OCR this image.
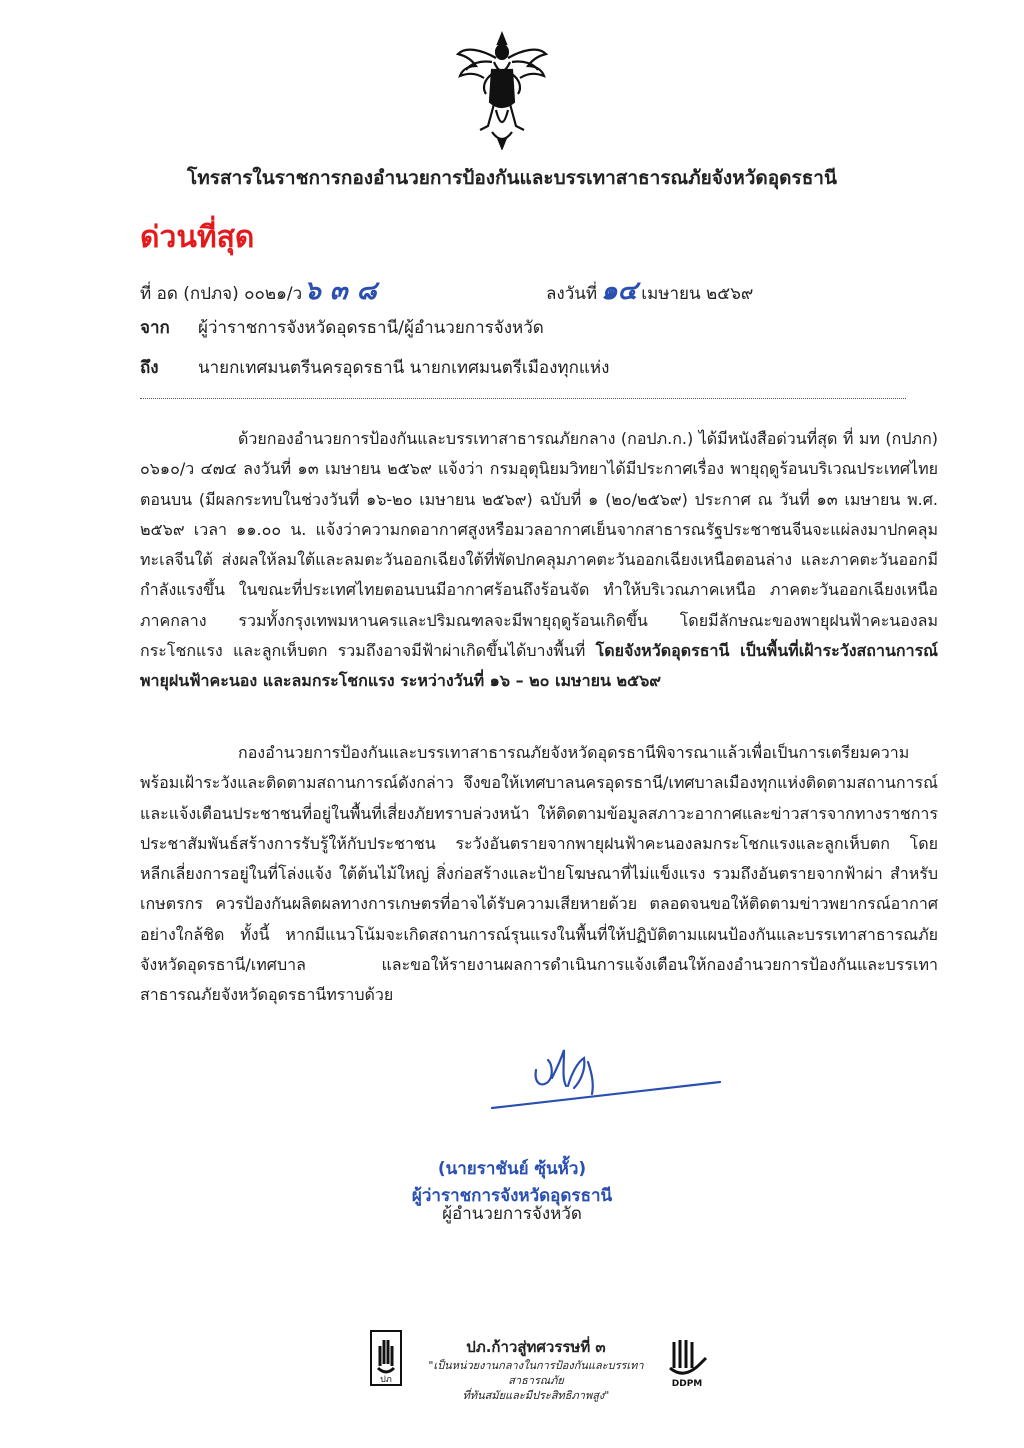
โทรสารในราชการกองอำนวยการป้องกันและบรรเทาสาธารณภัยจังหวัดอุดรธานี
ด่วนที่สุด
ที่ อด (กปภจ) ๐๐๒๑/ว๖ ๓ ๘	ลงวันที่ ๑๔ เมษายน ๒๕๖๙
จาก ผู้ว่าราชการจังหวัดอุดรธานี/ผู้อำนวยการจังหวัด
ถึง นายกเทศมนตรีนครอุดรธานี นายกเทศมนตรีเมืองทุกแห่ง
ด้วยกองอำนวยการป้องกันและบรรเทาสาธารณภัยกลาง (กอปภ.ก.) ได้มีหนังสือด่วนที่สุด ที่ มท (กปภก) ๐๖๑๐/ว ๔๗๔ ลงวันที่ ๑๓ เมษายน ๒๕๖๙ แจ้งว่า กรมอุตุนิยมวิทยาได้มีประกาศเรื่อง พายุฤดูร้อนบริเวณประเทศไทยตอนบน (มีผลกระทบในช่วงวันที่ ๑๖-๒๐ เมษายน ๒๕๖๙) ฉบับที่ ๑ (๒๐/๒๕๖๙) ประกาศ ณ วันที่ ๑๓ เมษายน พ.ศ. ๒๕๖๙ เวลา ๑๑.๐๐ น. แจ้งว่าความกดอากาศสูงหรือมวลอากาศเย็นจากสาธารณรัฐประชาชนจีนจะแผ่ลงมาปกคลุมทะเลจีนใต้ ส่งผลให้ลมใต้และลมตะวันออกเฉียงใต้ที่พัดปกคลุมภาคตะวันออกเฉียงเหนือตอนล่าง และภาคตะวันออกมีกำลังแรงขึ้น ในขณะที่ประเทศไทยตอนบนมีอากาศร้อนถึงร้อนจัด ทำให้บริเวณภาคเหนือ ภาคตะวันออกเฉียงเหนือ ภาคกลาง รวมทั้งกรุงเทพมหานครและปริมณฑลจะมีพายุฤดูร้อนเกิดขึ้น โดยมีลักษณะของพายุฝนฟ้าคะนองลมกระโชกแรง และลูกเห็บตก รวมถึงอาจมีฟ้าผ่าเกิดขึ้นได้บางพื้นที่ โดยจังหวัดอุดรธานี เป็นพื้นที่เฝ้าระวังสถานการณ์พายุฝนฟ้าคะนอง และลมกระโชกแรง ระหว่างวันที่ ๑๖ – ๒๐ เมษายน ๒๕๖๙
กองอำนวยการป้องกันและบรรเทาสาธารณภัยจังหวัดอุดรธานีพิจารณาแล้วเพื่อเป็นการเตรียมความพร้อมเฝ้าระวังและติดตามสถานการณ์ดังกล่าว จึงขอให้เทศบาลนครอุดรธานี/เทศบาลเมืองทุกแห่งติดตามสถานการณ์และแจ้งเตือนประชาชนที่อยู่ในพื้นที่เสี่ยงภัยทราบล่วงหน้า ให้ติดตามข้อมูลสภาวะอากาศและข่าวสารจากทางราชการ ประชาสัมพันธ์สร้างการรับรู้ให้กับประชาชน ระวังอันตรายจากพายุฝนฟ้าคะนองลมกระโชกแรงและลูกเห็บตก โดยหลีกเลี่ยงการอยู่ในที่โล่งแจ้ง ใต้ต้นไม้ใหญ่ สิ่งก่อสร้างและป้ายโฆษณาที่ไม่แข็งแรง รวมถึงอันตรายจากฟ้าผ่า สำหรับเกษตรกร ควรป้องกันผลิตผลทางการเกษตรที่อาจได้รับความเสียหายด้วย ตลอดจนขอให้ติดตามข่าวพยากรณ์อากาศอย่างใกล้ชิด ทั้งนี้ หากมีแนวโน้มจะเกิดสถานการณ์รุนแรงในพื้นที่ให้ปฏิบัติตามแผนป้องกันและบรรเทาสาธารณภัยจังหวัดอุดรธานี/เทศบาล และขอให้รายงานผลการดำเนินการแจ้งเตือนให้กองอำนวยการป้องกันและบรรเทาสาธารณภัยจังหวัดอุดรธานีทราบด้วย
(นายราชันย์ ซุ้นหั้ว)
ผู้ว่าราชการจังหวัดอุดรธานี
ผู้อำนวยการจังหวัด
ปภ
ปภ.ก้าวสู่ทศวรรษที่ ๓
"เป็นหน่วยงานกลางในการป้องกันและบรรเทาสาธารณภัย
ที่ทันสมัยและมีประสิทธิภาพสูง"
DDPM
